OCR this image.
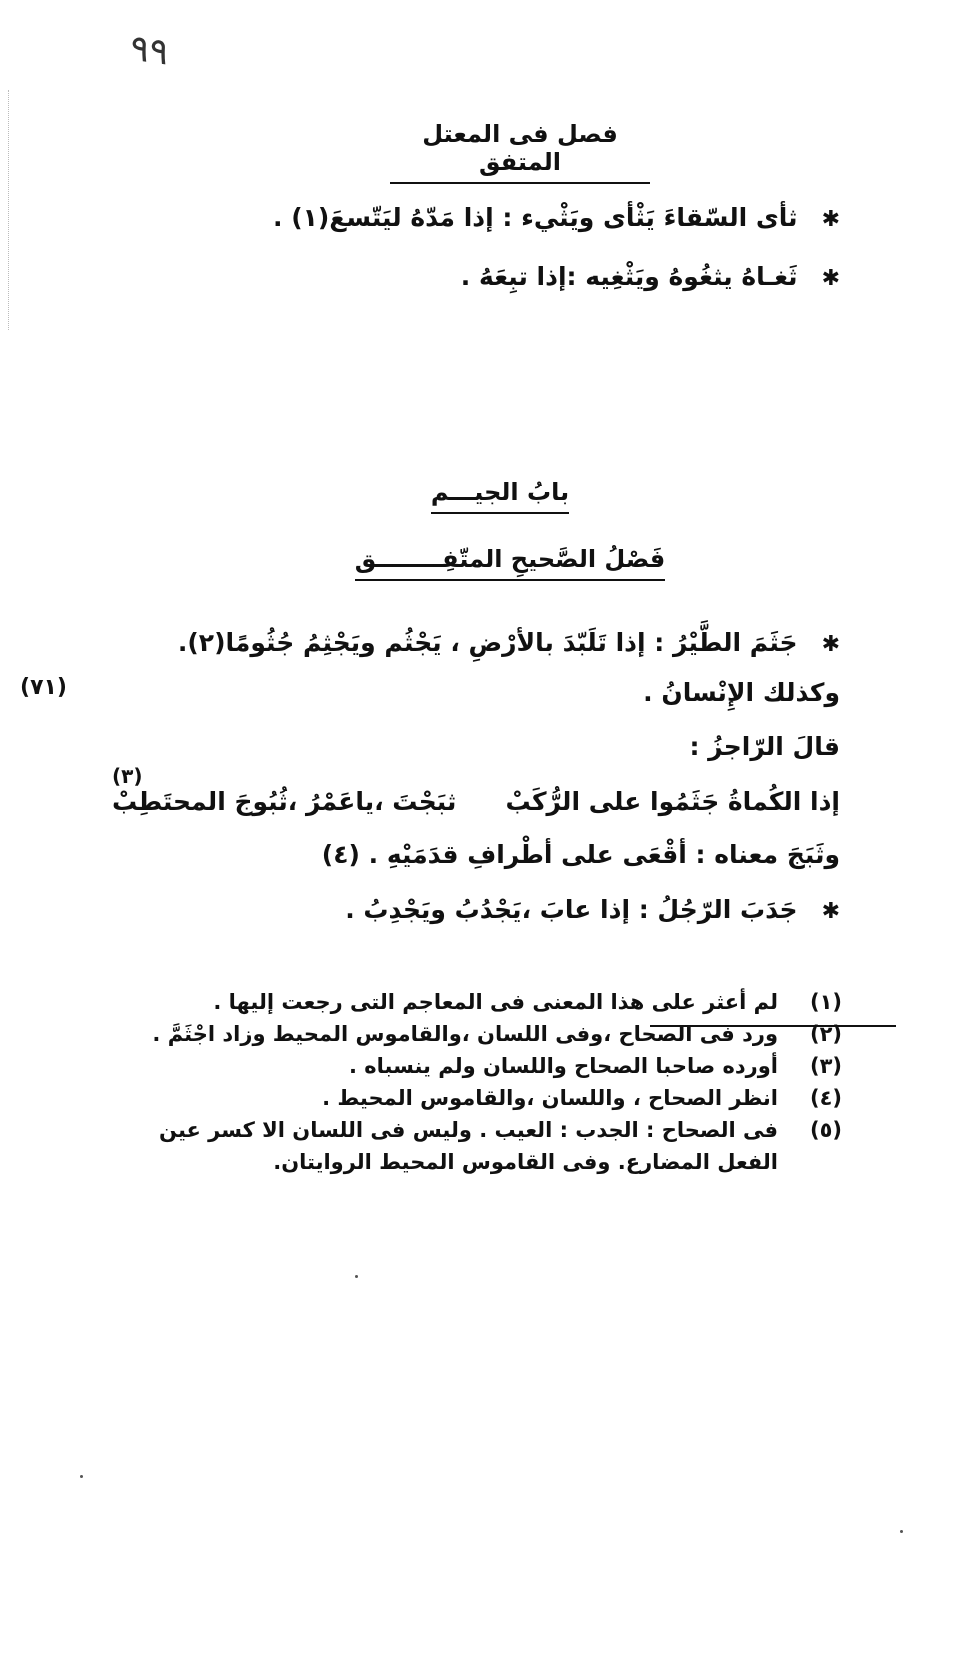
٩٩
فصل فى المعتل المتفق
✱ثأى السّقاءَ يَثْأى ويَثْيء : إذا مَدّهُ ليَتّسعَ(١) .
✱ثَغـاهُ يثغُوهُ ويَثْغِيه :إذا تبِعَهُ .
بابُ الجيـــم
فَصْلُ الصَّحيحِ المتّفِــــــــق
(٧١)
✱جَثَمَ الطَّيْرُ : إذا تَلَبّدَ بالأرْضِ ، يَجْثُم ويَجْثِمُ جُثُومًا(٢).
وكذلك الإِنْسانُ .
قالَ الرّاجزُ :
(٣)
إذا الكُماةُ جَثَمُوا على الرُّكَبْ
ثبَجْتَ ،ياعَمْرُ ،ثُبُوجَ المحتَطِبْ
وثَبَجَ معناه : أقْعَى على أطْرافِ قدَمَيْهِ . (٤)
✱جَدَبَ الرّجُلُ : إذا عابَ ،يَجْدُبُ ويَجْدِبُ .
(١)لم أعثر على هذا المعنى فى المعاجم التى رجعت إليها .
(٢)ورد فى الصحاح ،وفى اللسان ،والقاموس المحيط وزاد اجْثَمَّ .
(٣)أورده صاحبا الصحاح واللسان ولم ينسباه .
(٤)انظر الصحاح ، واللسان ،والقاموس المحيط .
(٥)فى الصحاح : الجدب : العيب . وليس فى اللسان الا كسر عين
الفعل المضارع. وفى القاموس المحيط الروايتان.
